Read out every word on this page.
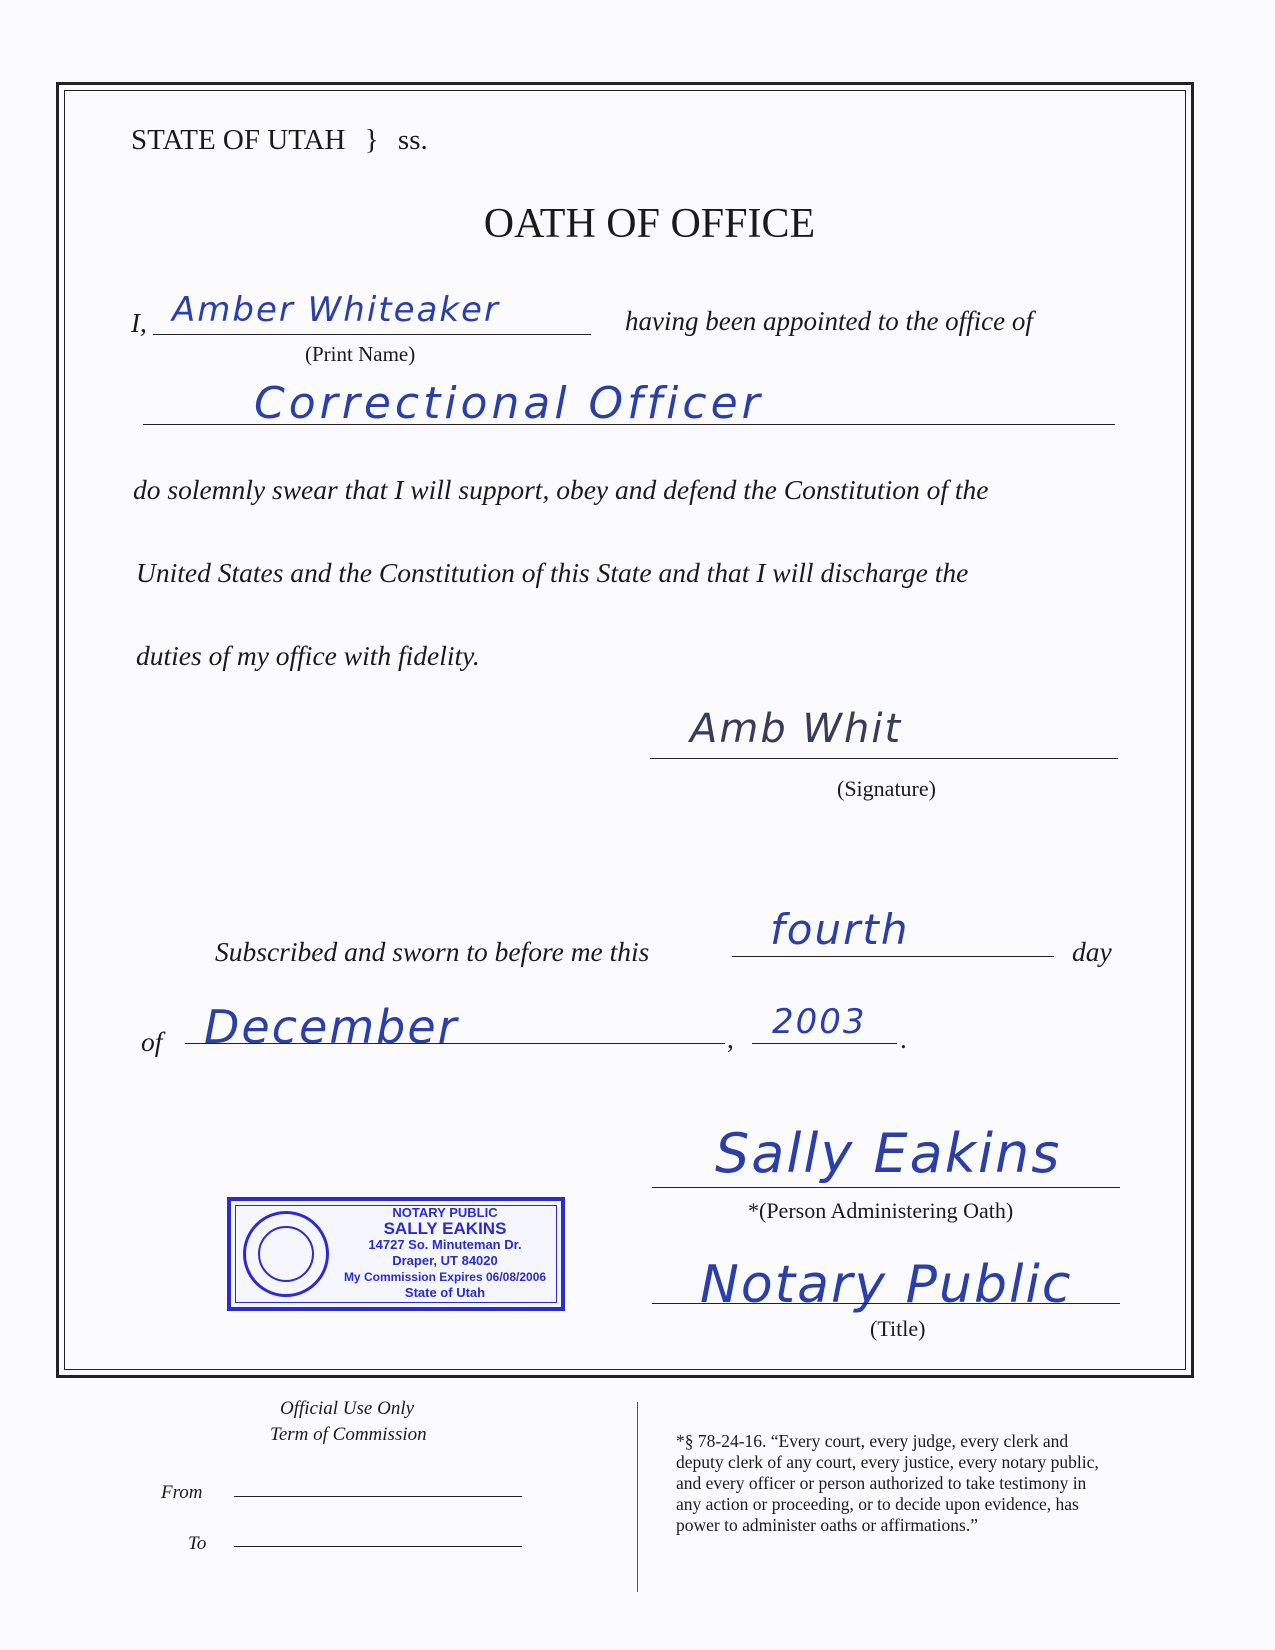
STATE OF UTAH } ss.
OATH OF OFFICE
I, Amber Whiteaker
(Print Name)
having been appointed to the office of
Correctional Officer
do solemnly swear that I will support, obey and defend the Constitution of the
United States and the Constitution of this State and that I will discharge the
duties of my office with fidelity.
Amb Whit
(Signature)
Subscribed and sworn to before me this	fourth	day
of December	, 2003 .
Sally Eakins
*(Person Administering Oath)
Notary Public
(Title)
NOTARY PUBLIC
SALLY EAKINS
14727 So. Minuteman Dr.
Draper, UT 84020
My Commission Expires 06/08/2006
State of Utah
Official Use Only
Term of Commission
From
To
*§ 78-24-16. “Every court, every judge, every clerk and
deputy clerk of any court, every justice, every notary public,
and every officer or person authorized to take testimony in
any action or proceeding, or to decide upon evidence, has
power to administer oaths or affirmations.”
